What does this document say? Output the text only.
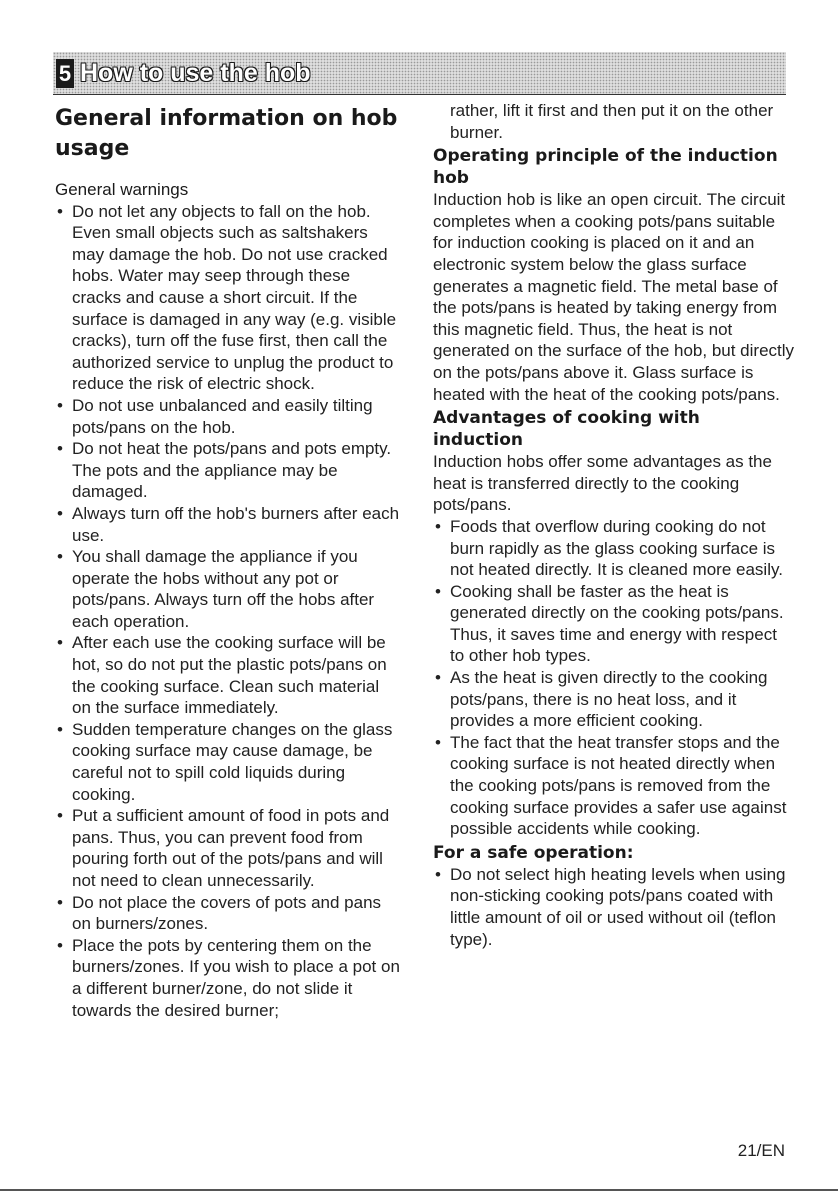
5 How to use the hob
General information on hob usage
General warnings
• Do not let any objects to fall on the hob. Even small objects such as saltshakers may damage the hob. Do not use cracked hobs. Water may seep through these cracks and cause a short circuit. If the surface is damaged in any way (e.g. visible cracks), turn off the fuse first, then call the authorized service to unplug the product to reduce the risk of electric shock.
• Do not use unbalanced and easily tilting pots/pans on the hob.
• Do not heat the pots/pans and pots empty. The pots and the appliance may be damaged.
• Always turn off the hob's burners after each use.
• You shall damage the appliance if you operate the hobs without any pot or pots/pans. Always turn off the hobs after each operation.
• After each use the cooking surface will be hot, so do not put the plastic pots/pans on the cooking surface. Clean such material on the surface immediately.
• Sudden temperature changes on the glass cooking surface may cause damage, be careful not to spill cold liquids during cooking.
• Put a sufficient amount of food in pots and pans. Thus, you can prevent food from pouring forth out of the pots/pans and will not need to clean unnecessarily.
• Do not place the covers of pots and pans on burners/zones.
• Place the pots by centering them on the burners/zones. If you wish to place a pot on a different burner/zone, do not slide it towards the desired burner;

rather, lift it first and then put it on the other burner.

Operating principle of the induction hob

Induction hob is like an open circuit. The circuit completes when a cooking pots/pans suitable for induction cooking is placed on it and an electronic system below the glass surface generates a magnetic field. The metal base of the pots/pans is heated by taking energy from this magnetic field. Thus, the heat is not generated on the surface of the hob, but directly on the pots/pans above it. Glass surface is heated with the heat of the cooking pots/pans.

Advantages of cooking with induction

Induction hobs offer some advantages as the heat is transferred directly to the cooking pots/pans.

• Foods that overflow during cooking do not burn rapidly as the glass cooking surface is not heated directly. It is cleaned more easily.
• Cooking shall be faster as the heat is generated directly on the cooking pots/pans. Thus, it saves time and energy with respect to other hob types.
• As the heat is given directly to the cooking pots/pans, there is no heat loss, and it provides a more efficient cooking.
• The fact that the heat transfer stops and the cooking surface is not heated directly when the cooking pots/pans is removed from the cooking surface provides a safer use against possible accidents while cooking.
For a safe operation:
• Do not select high heating levels when using non-sticking cooking pots/pans coated with little amount of oil or used without oil (teflon type).
21/EN
